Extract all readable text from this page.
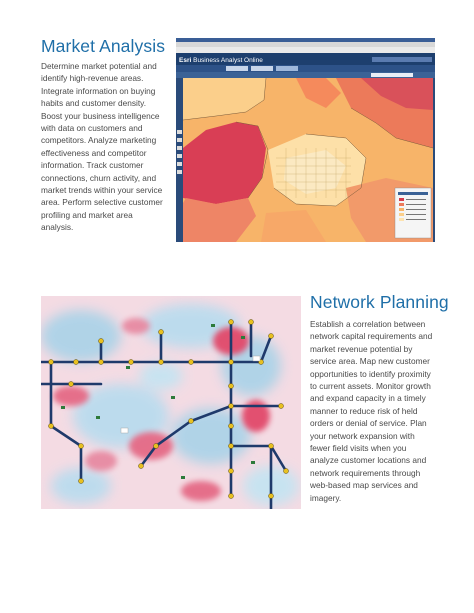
Market Analysis

Determine market potential and identify high-revenue areas. Integrate information on buying habits and customer density. Boost your business intelligence with data on customers and competitors. Analyze marketing effectiveness and competitor information. Track customer connections, churn activity, and market trends within your service area. Perform selective customer profiling and market area analysis.

Esri Business Analyst Online
Network Planning

Establish a correlation between network capital requirements and market revenue potential by service area. Map new customer opportunities to identify proximity to current assets. Monitor growth and expand capacity in a timely manner to reduce risk of held orders or denial of service. Plan your network expansion with fewer field visits when you analyze customer locations and network requirements through web-based map services and imagery.
